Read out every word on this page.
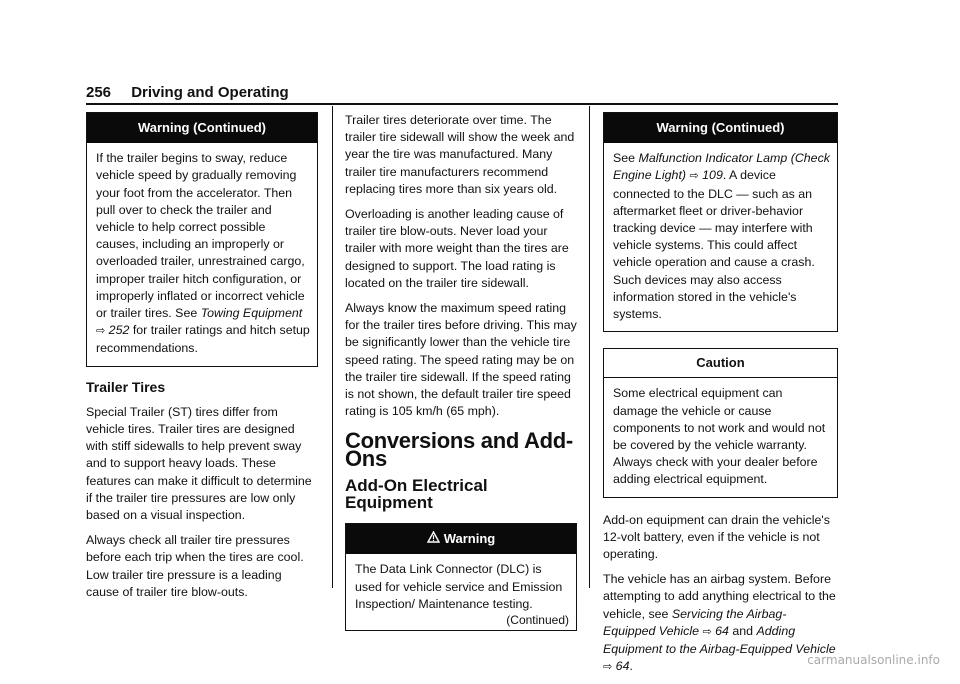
256 Driving and Operating
Warning (Continued)

If the trailer begins to sway, reduce vehicle speed by gradually removing your foot from the accelerator. Then pull over to check the trailer and vehicle to help correct possible causes, including an improperly or overloaded trailer, unrestrained cargo, improper trailer hitch configuration, or improperly inflated or incorrect vehicle or trailer tires. See Towing Equipment ⇨ 252 for trailer ratings and hitch setup recommendations.

Trailer Tires

Special Trailer (ST) tires differ from vehicle tires. Trailer tires are designed with stiff sidewalls to help prevent sway and to support heavy loads. These features can make it difficult to determine if the trailer tire pressures are low only based on a visual inspection.

Always check all trailer tire pressures before each trip when the tires are cool. Low trailer tire pressure is a leading cause of trailer tire blow-outs.

Trailer tires deteriorate over time. The trailer tire sidewall will show the week and year the tire was manufactured. Many trailer tire manufacturers recommend replacing tires more than six years old.

Overloading is another leading cause of trailer tire blow-outs. Never load your trailer with more weight than the tires are designed to support. The load rating is located on the trailer tire sidewall.

Always know the maximum speed rating for the trailer tires before driving. This may be significantly lower than the vehicle tire speed rating. The speed rating may be on the trailer tire sidewall. If the speed rating is not shown, the default trailer tire speed rating is 105 km/h (65 mph).

Conversions and Add-Ons
Add-On Electrical Equipment
Warning

The Data Link Connector (DLC) is used for vehicle service and Emission Inspection/ Maintenance testing.

(Continued)
Warning (Continued)

See Malfunction Indicator Lamp (Check Engine Light) ⇨ 109. A device connected to the DLC — such as an aftermarket fleet or driver-behavior tracking device — may interfere with vehicle systems. This could affect vehicle operation and cause a crash. Such devices may also access information stored in the vehicle's systems.

Caution

Some electrical equipment can damage the vehicle or cause components to not work and would not be covered by the vehicle warranty. Always check with your dealer before adding electrical equipment.

Add-on equipment can drain the vehicle's 12-volt battery, even if the vehicle is not operating.

The vehicle has an airbag system. Before attempting to add anything electrical to the vehicle, see Servicing the Airbag-Equipped Vehicle ⇨ 64 and Adding Equipment to the Airbag-Equipped Vehicle ⇨ 64.	carmanualsonline.info
